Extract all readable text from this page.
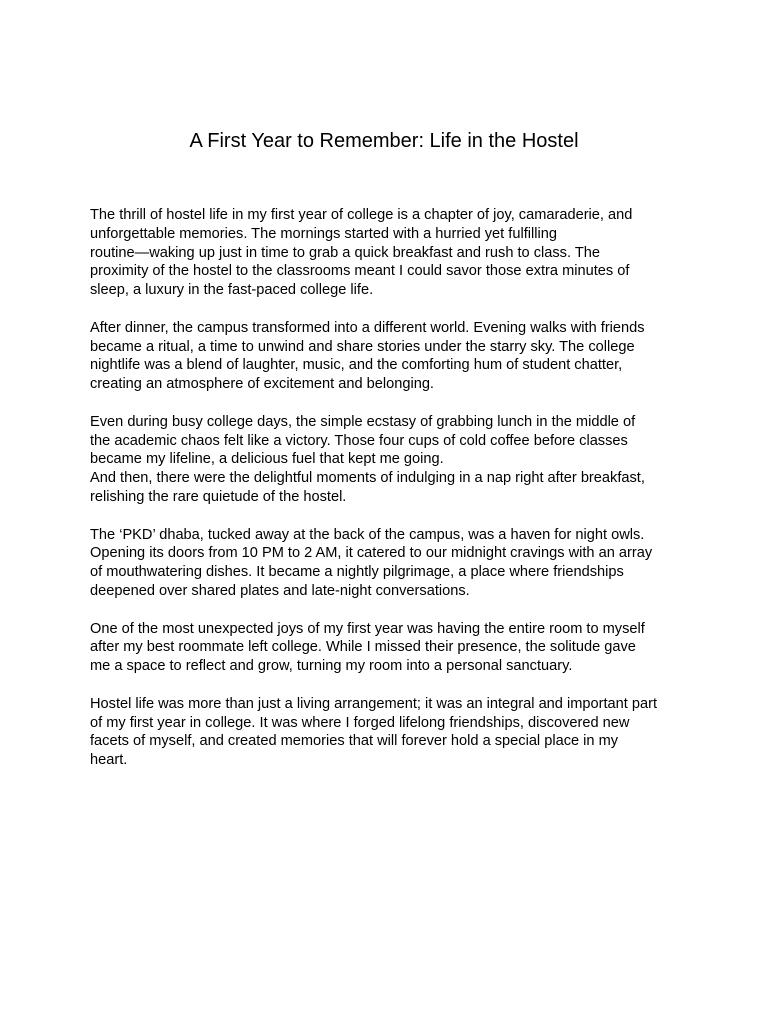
A First Year to Remember: Life in the Hostel

The thrill of hostel life in my first year of college is a chapter of joy, camaraderie, and
unforgettable memories. The mornings started with a hurried yet fulfilling
routine—waking up just in time to grab a quick breakfast and rush to class. The
proximity of the hostel to the classrooms meant I could savor those extra minutes of
sleep, a luxury in the fast-paced college life.

After dinner, the campus transformed into a different world. Evening walks with friends
became a ritual, a time to unwind and share stories under the starry sky. The college
nightlife was a blend of laughter, music, and the comforting hum of student chatter,
creating an atmosphere of excitement and belonging.

Even during busy college days, the simple ecstasy of grabbing lunch in the middle of
the academic chaos felt like a victory. Those four cups of cold coffee before classes
became my lifeline, a delicious fuel that kept me going.
And then, there were the delightful moments of indulging in a nap right after breakfast,
relishing the rare quietude of the hostel.

The ‘PKD’ dhaba, tucked away at the back of the campus, was a haven for night owls.
Opening its doors from 10 PM to 2 AM, it catered to our midnight cravings with an array
of mouthwatering dishes. It became a nightly pilgrimage, a place where friendships
deepened over shared plates and late-night conversations.

One of the most unexpected joys of my first year was having the entire room to myself
after my best roommate left college. While I missed their presence, the solitude gave
me a space to reflect and grow, turning my room into a personal sanctuary.

Hostel life was more than just a living arrangement; it was an integral and important part
of my first year in college. It was where I forged lifelong friendships, discovered new
facets of myself, and created memories that will forever hold a special place in my
heart.
